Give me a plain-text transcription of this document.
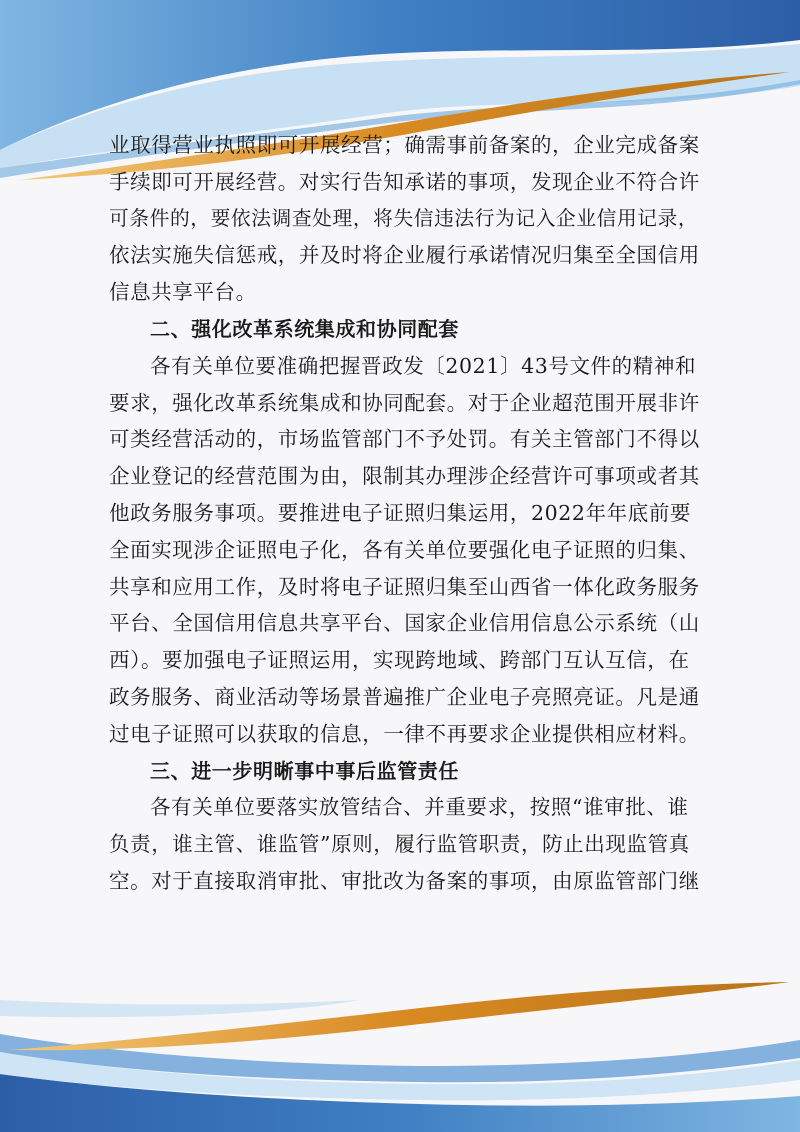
业取得营业执照即可开展经营；确需事前备案的，企业完成备案
手续即可开展经营。对实行告知承诺的事项，发现企业不符合许
可条件的，要依法调查处理，将失信违法行为记入企业信用记录，
依法实施失信惩戒，并及时将企业履行承诺情况归集至全国信用
信息共享平台。
二、强化改革系统集成和协同配套
各有关单位要准确把握晋政发〔2021〕43号文件的精神和
要求，强化改革系统集成和协同配套。对于企业超范围开展非许
可类经营活动的，市场监管部门不予处罚。有关主管部门不得以
企业登记的经营范围为由，限制其办理涉企经营许可事项或者其
他政务服务事项。要推进电子证照归集运用，2022年年底前要
全面实现涉企证照电子化，各有关单位要强化电子证照的归集、
共享和应用工作，及时将电子证照归集至山西省一体化政务服务
平台、全国信用信息共享平台、国家企业信用信息公示系统（山
西）。要加强电子证照运用，实现跨地域、跨部门互认互信，在
政务服务、商业活动等场景普遍推广企业电子亮照亮证。凡是通
过电子证照可以获取的信息，一律不再要求企业提供相应材料。
三、进一步明晰事中事后监管责任
各有关单位要落实放管结合、并重要求，按照“谁审批、谁
负责，谁主管、谁监管”原则，履行监管职责，防止出现监管真
空。对于直接取消审批、审批改为备案的事项，由原监管部门继
